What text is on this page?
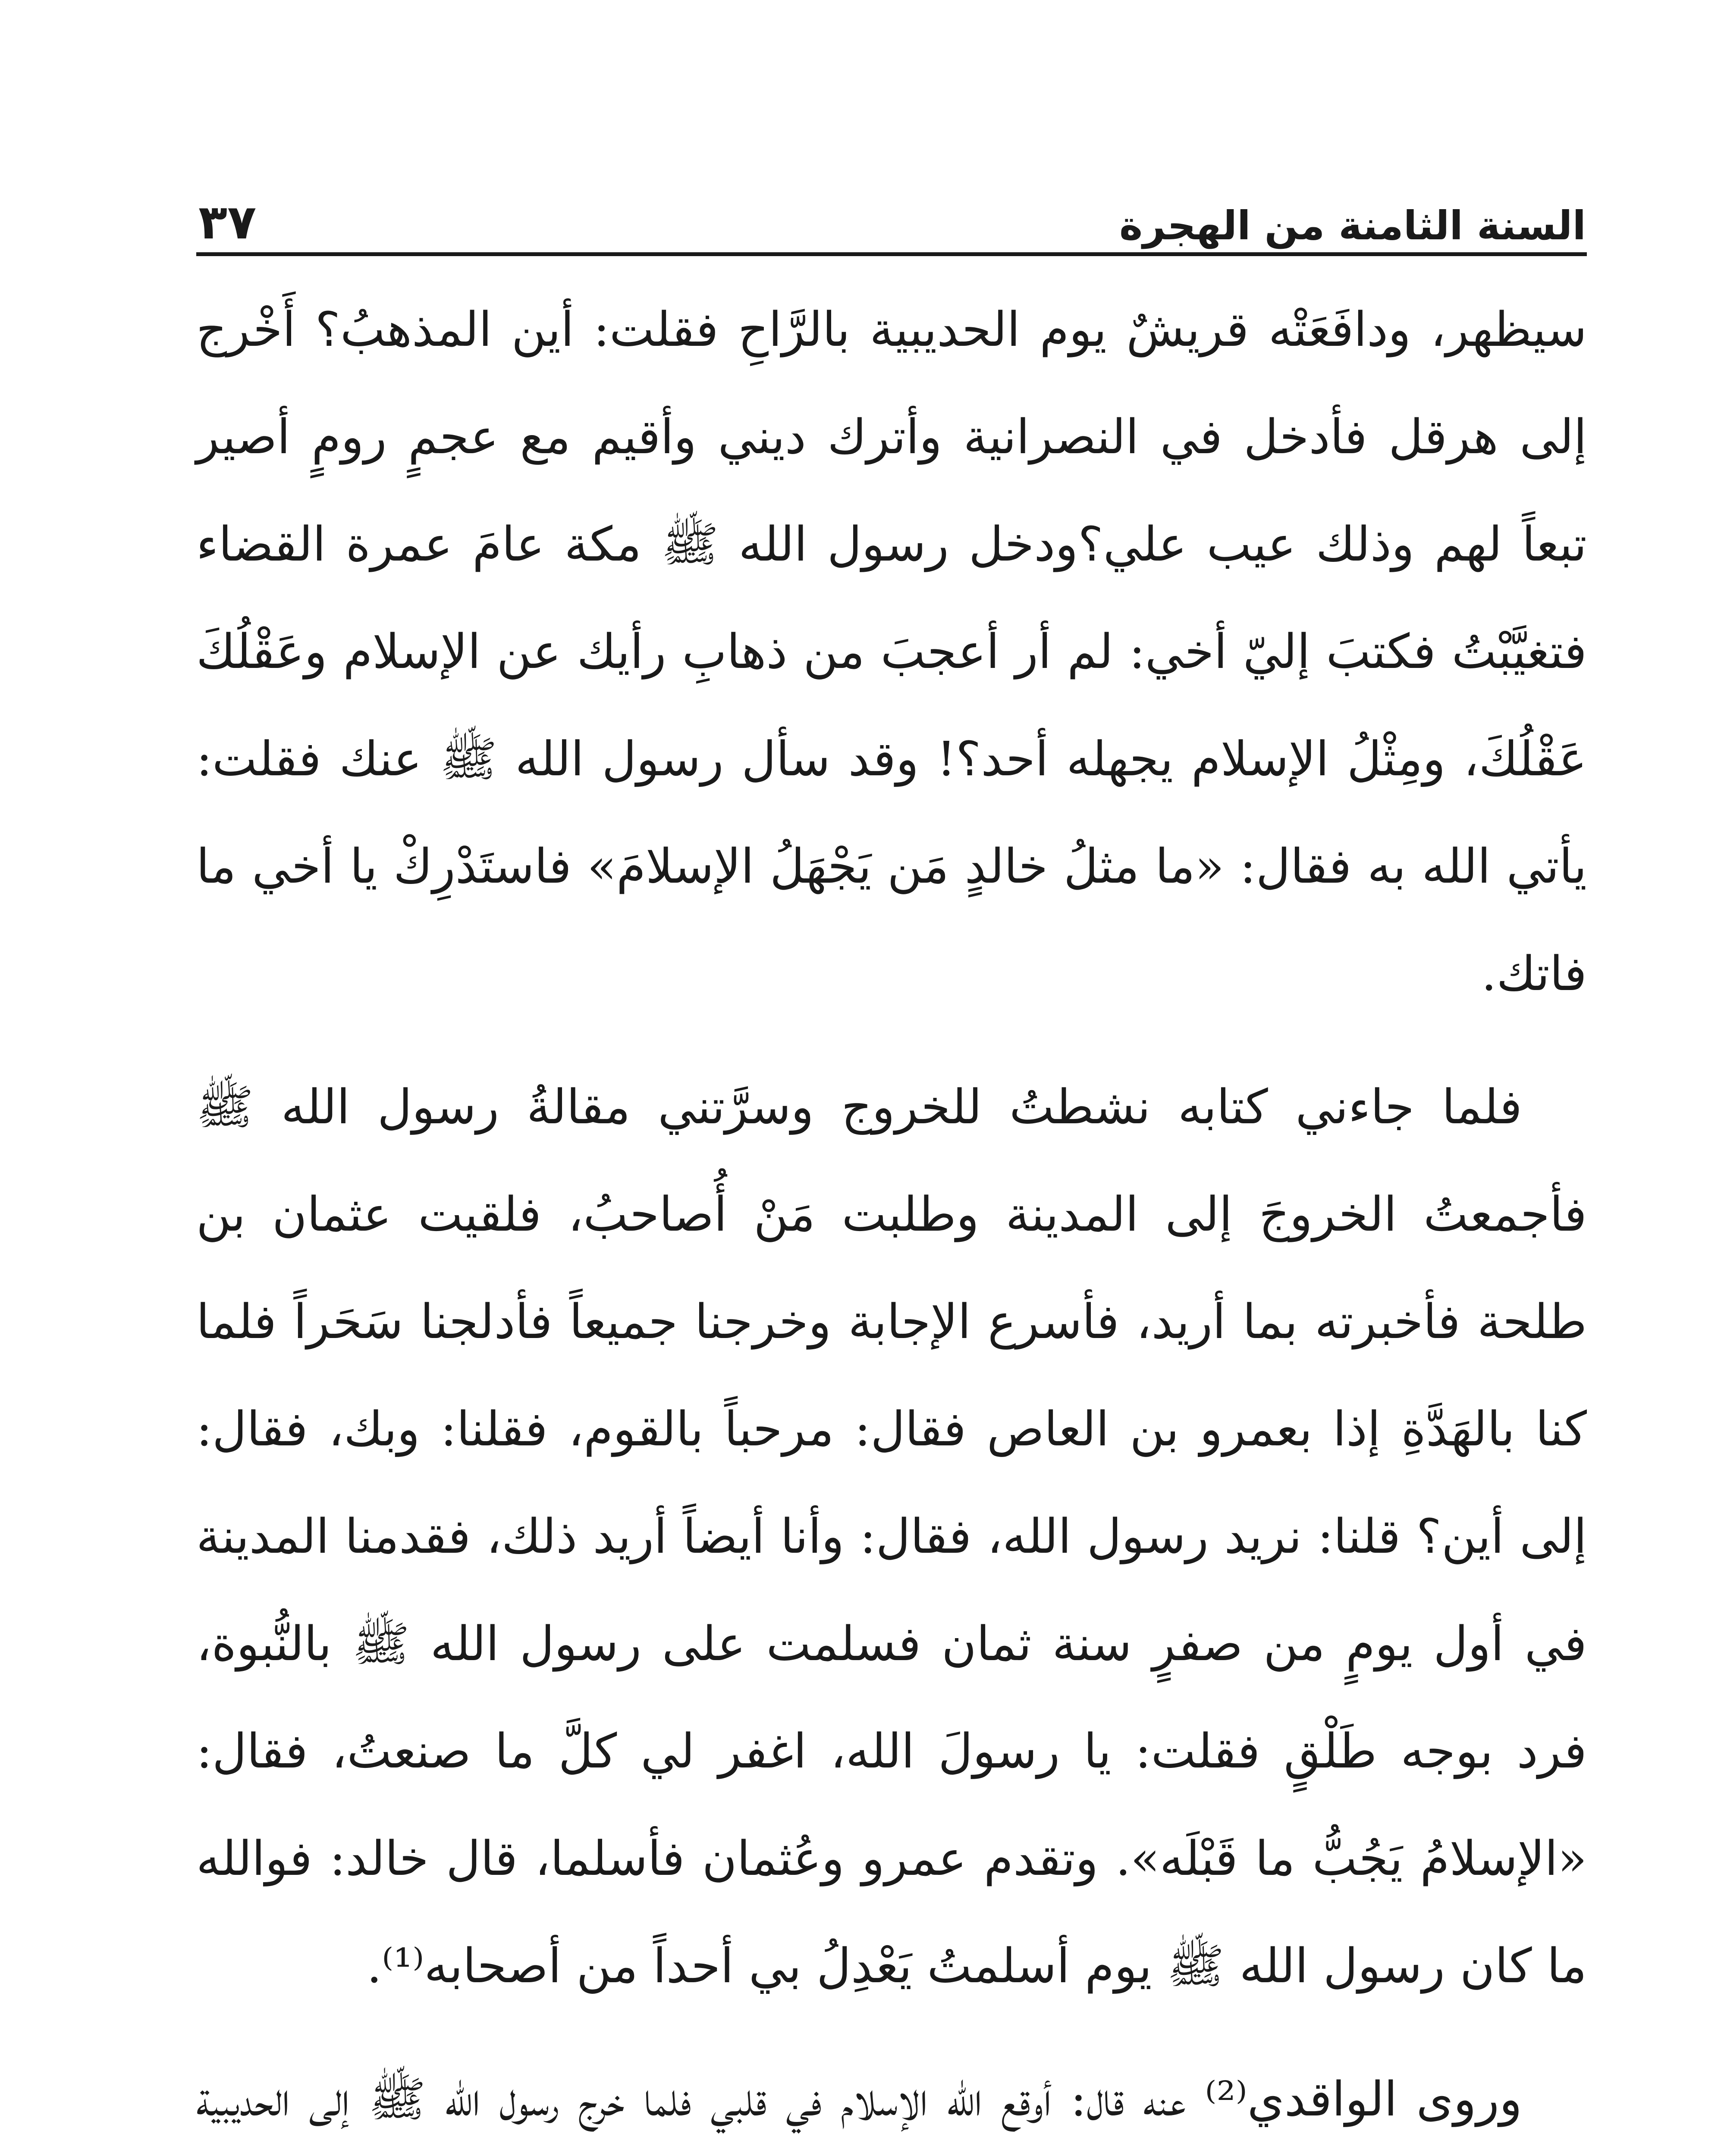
السنة الثامنة من الهجرة
٣٧

سيظهر، ودافَعَتْه قريشٌ يوم الحديبية بالرَّاحِ فقلت: أين المذهبُ؟ أَخْرج إلى هرقل فأدخل في النصرانية وأترك ديني وأقيم مع عجمٍ رومٍ أصير تبعاً لهم وذلك عيب علي؟ودخل رسول الله ﷺ مكة عامَ عمرة القضاء فتغيَّبْتُ فكتبَ إليّ أخي: لم أر أعجبَ من ذهابِ رأيك عن الإسلام وعَقْلُكَ عَقْلُكَ، ومِثْلُ الإسلام يجهله أحد؟! وقد سأل رسول الله ﷺ عنك فقلت: يأتي الله به فقال: «ما مثلُ خالدٍ مَن يَجْهَلُ الإسلامَ» فاستَدْرِكْ يا أخي ما فاتك.

فلما جاءني كتابه نشطتُ للخروج وسرَّتني مقالةُ رسول الله ﷺ فأجمعتُ الخروجَ إلى المدينة وطلبت مَنْ أُصاحبُ، فلقيت عثمان بن طلحة فأخبرته بما أريد، فأسرع الإجابة وخرجنا جميعاً فأدلجنا سَحَراً فلما كنا بالهَدَّةِ إذا بعمرو بن العاص فقال: مرحباً بالقوم، فقلنا: وبك، فقال: إلى أين؟ قلنا: نريد رسول الله، فقال: وأنا أيضاً أريد ذلك، فقدمنا المدينة في أول يومٍ من صفرٍ سنة ثمان فسلمت على رسول الله ﷺ بالنُّبوة، فرد بوجه طَلْقٍ فقلت: يا رسولَ الله، اغفر لي كلَّ ما صنعتُ، فقال: «الإسلامُ يَجُبُّ ما قَبْلَه». وتقدم عمرو وعُثمان فأسلما، قال خالد: فوالله ما كان رسول الله ﷺ يوم أسلمتُ يَعْدِلُ بي أحداً من أصحابه⁽¹⁾.

وروى الواقدي⁽²⁾ عنه قال: أوقع الله الإسلام في قلبي فلما خرج رسول الله ﷺ إلى الحديبية
